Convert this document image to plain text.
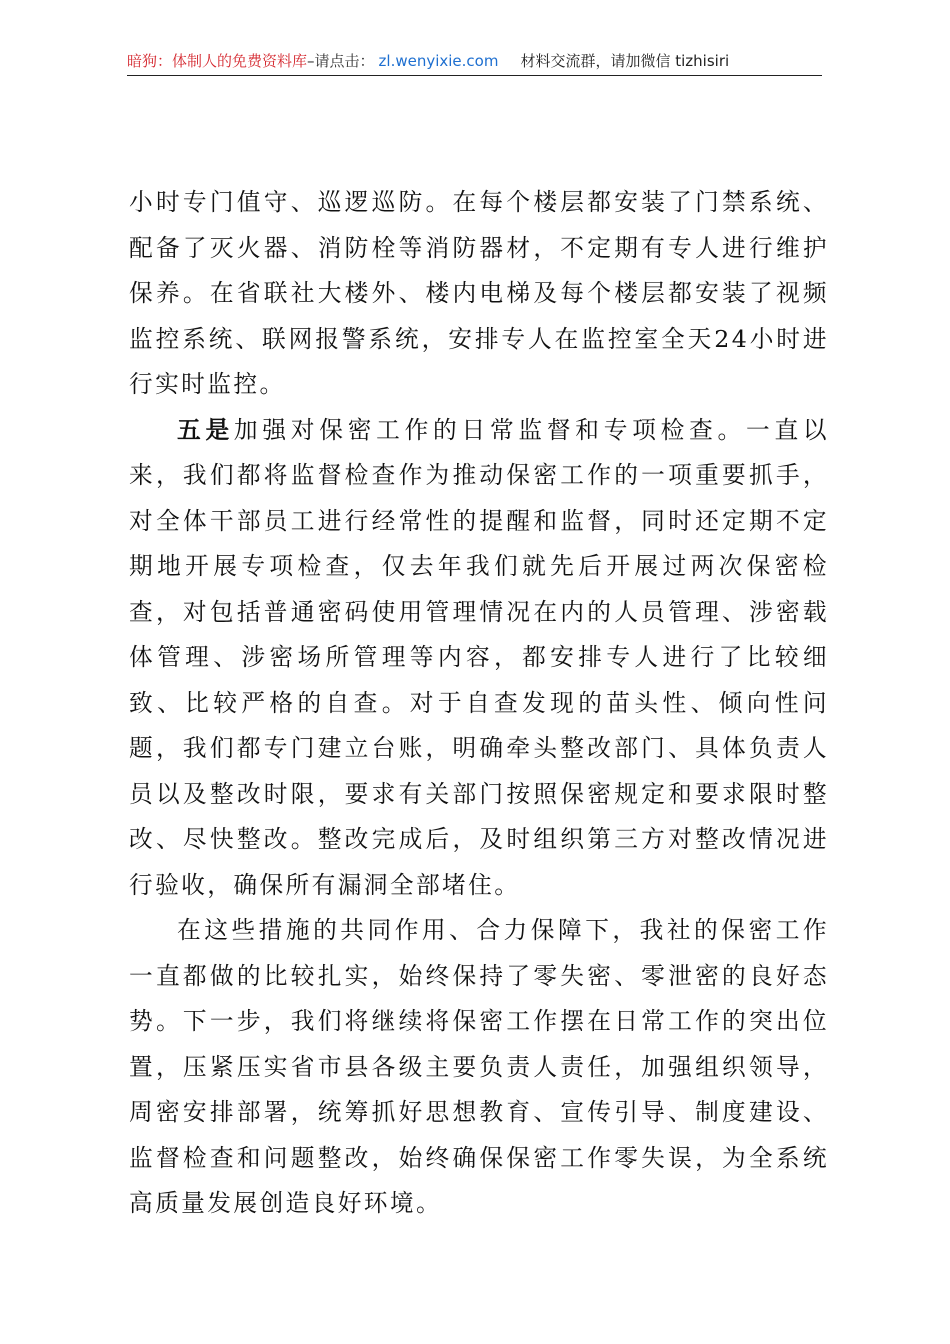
暗狗：体制人的免费资料库–请点击： zl.wenyixie.com 材料交流群，请加微信 tizhisiri

小时专门值守、巡逻巡防。在每个楼层都安装了门禁系统、配备了灭火器、消防栓等消防器材，不定期有专人进行维护保养。在省联社大楼外、楼内电梯及每个楼层都安装了视频监控系统、联网报警系统，安排专人在监控室全天24小时进行实时监控。

五是加强对保密工作的日常监督和专项检查。一直以来，我们都将监督检查作为推动保密工作的一项重要抓手，对全体干部员工进行经常性的提醒和监督，同时还定期不定期地开展专项检查，仅去年我们就先后开展过两次保密检查，对包括普通密码使用管理情况在内的人员管理、涉密载体管理、涉密场所管理等内容，都安排专人进行了比较细致、比较严格的自查。对于自查发现的苗头性、倾向性问题，我们都专门建立台账，明确牵头整改部门、具体负责人员以及整改时限，要求有关部门按照保密规定和要求限时整改、尽快整改。整改完成后，及时组织第三方对整改情况进行验收，确保所有漏洞全部堵住。

在这些措施的共同作用、合力保障下，我社的保密工作一直都做的比较扎实，始终保持了零失密、零泄密的良好态势。下一步，我们将继续将保密工作摆在日常工作的突出位置，压紧压实省市县各级主要负责人责任，加强组织领导，周密安排部署，统筹抓好思想教育、宣传引导、制度建设、监督检查和问题整改，始终确保保密工作零失误，为全系统高质量发展创造良好环境。
